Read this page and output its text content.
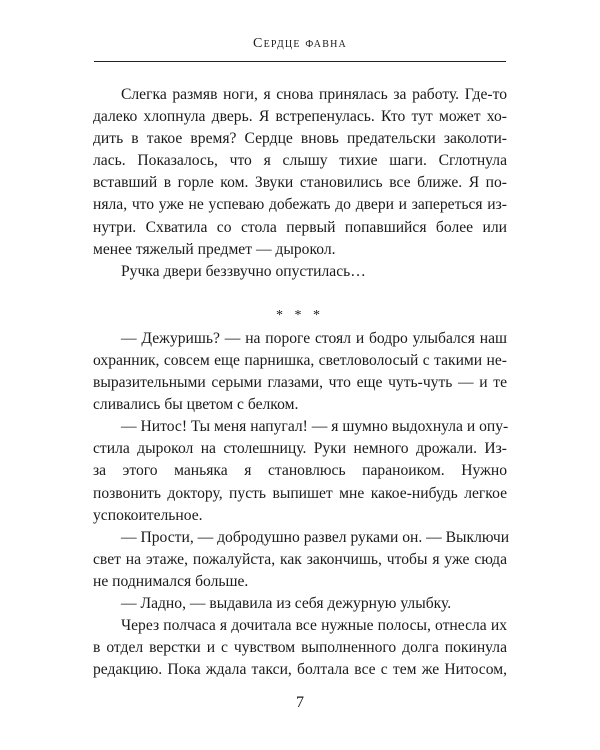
Сердце фавна
Слегка размяв ноги, я снова принялась за работу. Где-то
далеко хлопнула дверь. Я встрепенулась. Кто тут может хо-
дить в такое время? Сердце вновь предательски заколоти-
лась. Показалось, что я слышу тихие шаги. Сглотнула
вставший в горле ком. Звуки становились все ближе. Я по-
няла, что уже не успеваю добежать до двери и запереться из-
нутри. Схватила со стола первый попавшийся более или
менее тяжелый предмет — дырокол.
Ручка двери беззвучно опустилась…
* * *
— Дежуришь? — на пороге стоял и бодро улыбался наш
охранник, совсем еще парнишка, светловолосый с такими не-
выразительными серыми глазами, что еще чуть-чуть — и те
сливались бы цветом с белком.
— Нитос! Ты меня напугал! — я шумно выдохнула и опу-
стила дырокол на столешницу. Руки немного дрожали. Из-
за этого маньяка я становлюсь параноиком. Нужно
позвонить доктору, пусть выпишет мне какое-нибудь легкое
успокоительное.
— Прости, — добродушно развел руками он. — Выключи
свет на этаже, пожалуйста, как закончишь, чтобы я уже сюда
не поднимался больше.
— Ладно, — выдавила из себя дежурную улыбку.
Через полчаса я дочитала все нужные полосы, отнесла их
в отдел верстки и с чувством выполненного долга покинула
редакцию. Пока ждала такси, болтала все с тем же Нитосом,
7
